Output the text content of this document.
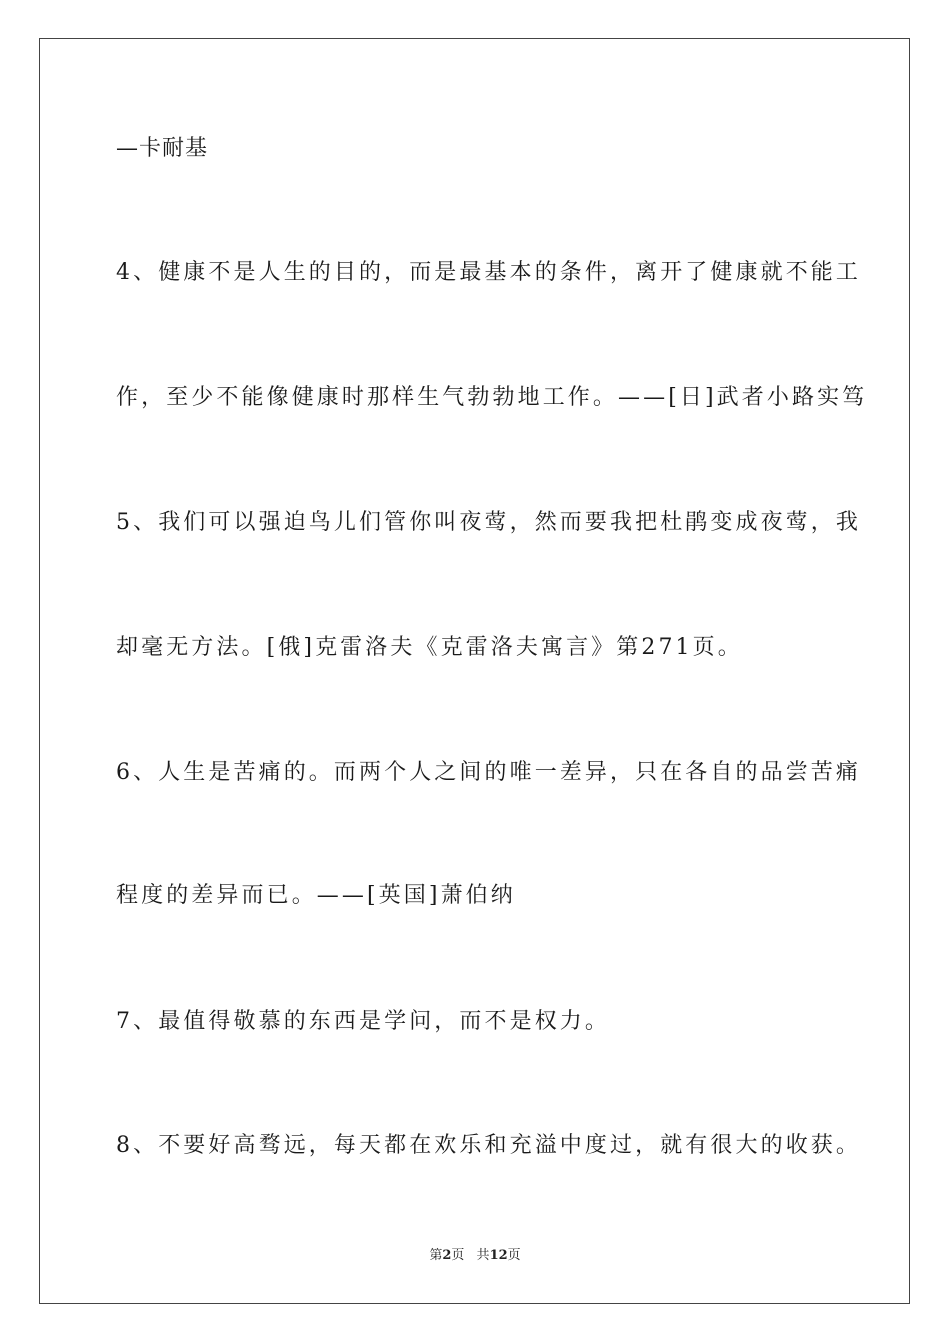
—卡耐基
4、健康不是人生的目的，而是最基本的条件，离开了健康就不能工
作，至少不能像健康时那样生气勃勃地工作。——[日]武者小路实笃
5、我们可以强迫鸟儿们管你叫夜莺，然而要我把杜鹃变成夜莺，我
却毫无方法。[俄]克雷洛夫《克雷洛夫寓言》第271页。
6、人生是苦痛的。而两个人之间的唯一差异，只在各自的品尝苦痛
程度的差异而已。——[英国]萧伯纳
7、最值得敬慕的东西是学问，而不是权力。
8、不要好高骛远，每天都在欢乐和充溢中度过，就有很大的收获。
第2页 共12页
